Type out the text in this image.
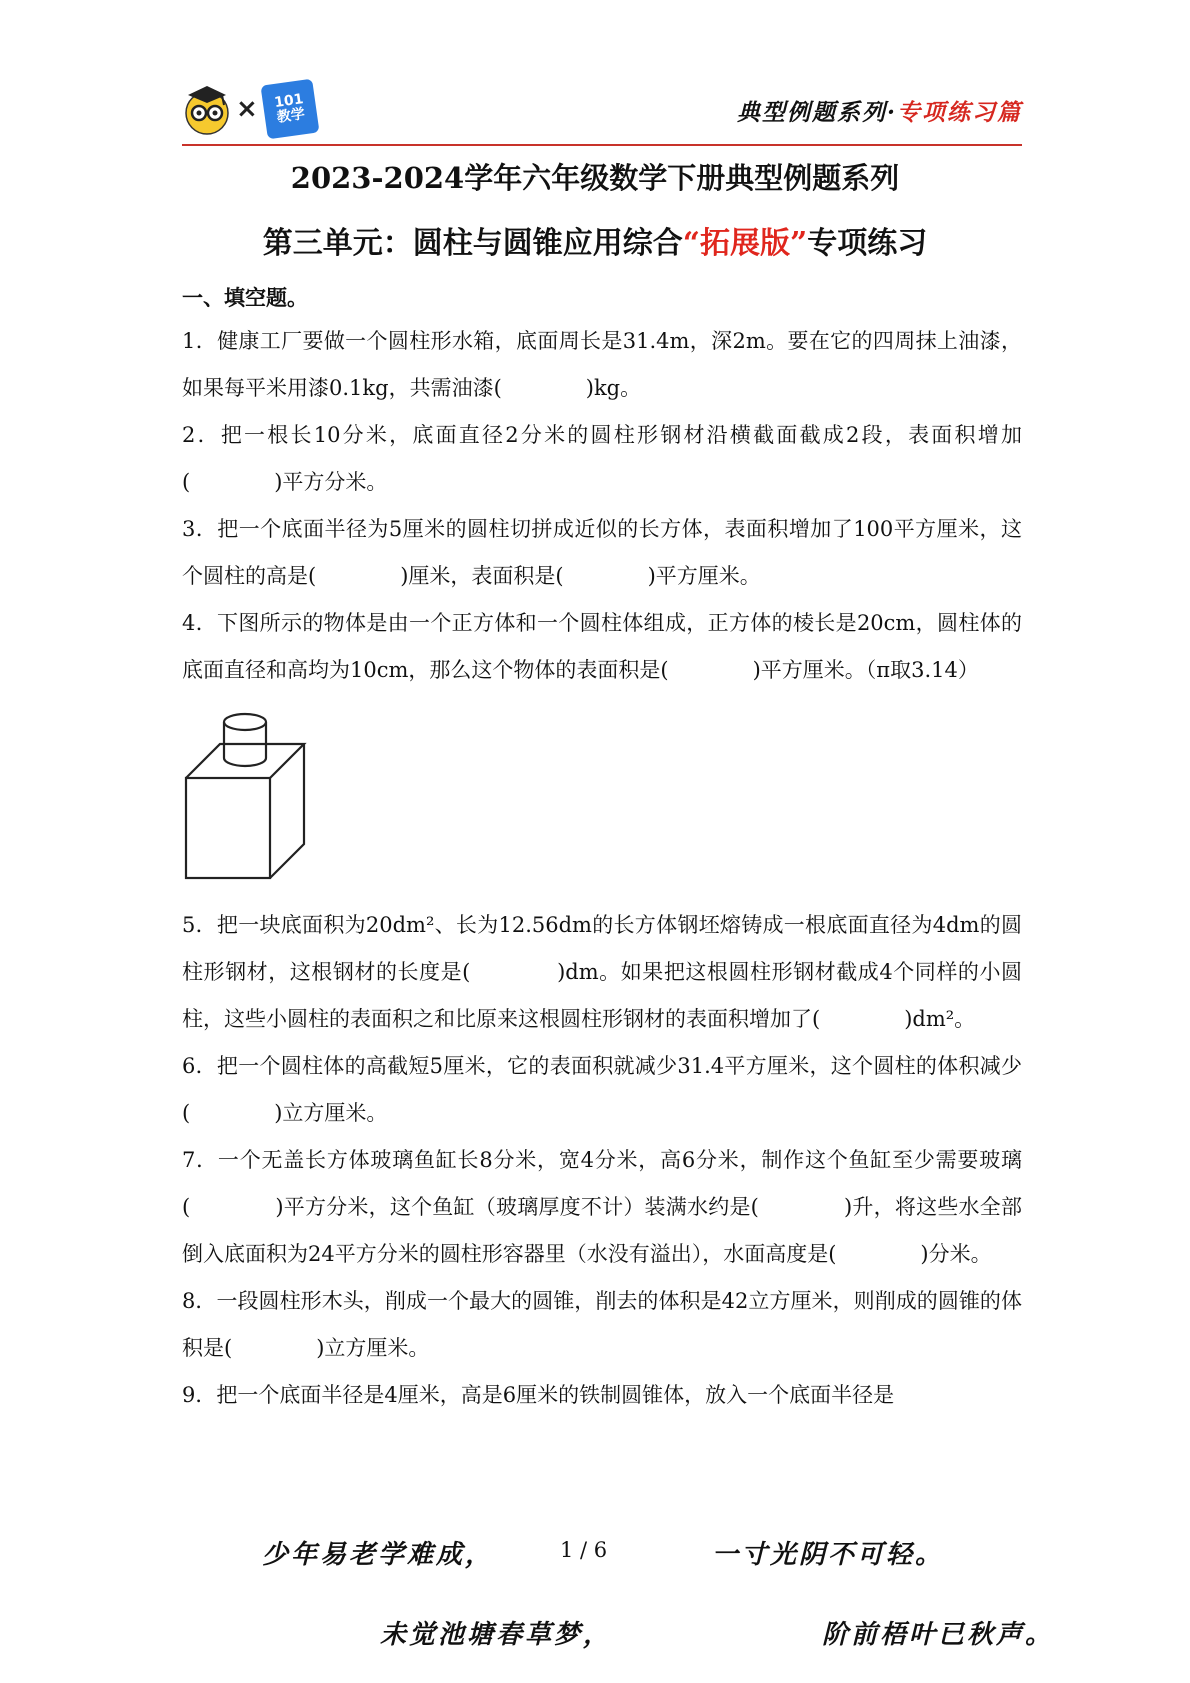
× 101
教学	典型例题系列·专项练习篇
2023-2024学年六年级数学下册典型例题系列
第三单元：圆柱与圆锥应用综合“拓展版”专项练习
一、填空题。

1．健康工厂要做一个圆柱形水箱，底面周长是31.4m，深2m。要在它的四周抹上油漆，如果每平米用漆0.1kg，共需油漆(　　　　)kg。

2．把一根长10分米，底面直径2分米的圆柱形钢材沿横截面截成2段，表面积增加(　　　　)平方分米。

3．把一个底面半径为5厘米的圆柱切拼成近似的长方体，表面积增加了100平方厘米，这个圆柱的高是(　　　　)厘米，表面积是(　　　　)平方厘米。

4．下图所示的物体是由一个正方体和一个圆柱体组成，正方体的棱长是20cm，圆柱体的底面直径和高均为10cm，那么这个物体的表面积是(　　　　)平方厘米。（π取3.14）

5．把一块底面积为20dm²、长为12.56dm的长方体钢坯熔铸成一根底面直径为4dm的圆柱形钢材，这根钢材的长度是(　　　　)dm。如果把这根圆柱形钢材截成4个同样的小圆柱，这些小圆柱的表面积之和比原来这根圆柱形钢材的表面积增加了(　　　　)dm²。

6．把一个圆柱体的高截短5厘米，它的表面积就减少31.4平方厘米，这个圆柱的体积减少(　　　　)立方厘米。

7．一个无盖长方体玻璃鱼缸长8分米，宽4分米，高6分米，制作这个鱼缸至少需要玻璃(　　　　)平方分米，这个鱼缸（玻璃厚度不计）装满水约是(　　　　)升，将这些水全部倒入底面积为24平方分米的圆柱形容器里（水没有溢出），水面高度是(　　　　)分米。

8．一段圆柱形木头，削成一个最大的圆锥，削去的体积是42立方厘米，则削成的圆锥的体积是(　　　　)立方厘米。

9．把一个底面半径是4厘米，高是6厘米的铁制圆锥体，放入一个底面半径是

少年易老学难成，	1 / 6	一寸光阴不可轻。
未觉池塘春草梦，	阶前梧叶已秋声。
